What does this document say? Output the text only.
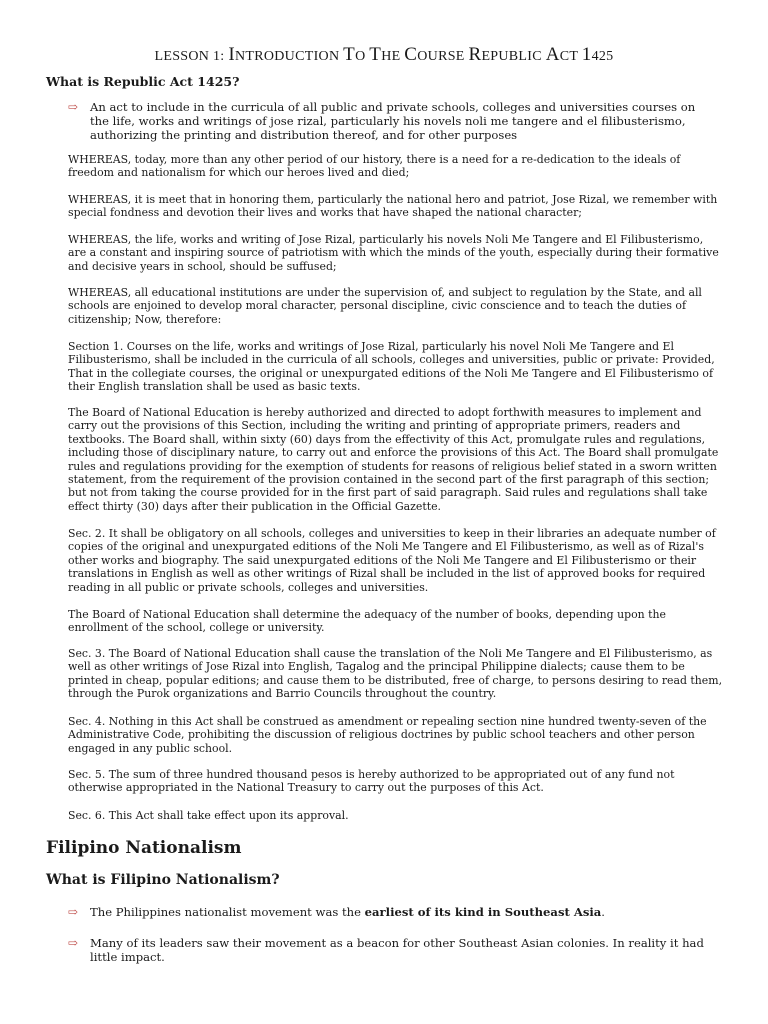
LESSON 1: INTRODUCTION TO THE COURSE REPUBLIC ACT 1425
What is Republic Act 1425?
⇨ An act to include in the curricula of all public and private schools, colleges and universities courses on the life, works and writings of jose rizal, particularly his novels noli me tangere and el filibusterismo, authorizing the printing and distribution thereof, and for other purposes
WHEREAS, today, more than any other period of our history, there is a need for a re-dedication to the ideals of freedom and nationalism for which our heroes lived and died;
WHEREAS, it is meet that in honoring them, particularly the national hero and patriot, Jose Rizal, we remember with special fondness and devotion their lives and works that have shaped the national character;
WHEREAS, the life, works and writing of Jose Rizal, particularly his novels Noli Me Tangere and El Filibusterismo, are a constant and inspiring source of patriotism with which the minds of the youth, especially during their formative and decisive years in school, should be suffused;
WHEREAS, all educational institutions are under the supervision of, and subject to regulation by the State, and all schools are enjoined to develop moral character, personal discipline, civic conscience and to teach the duties of citizenship; Now, therefore:
Section 1. Courses on the life, works and writings of Jose Rizal, particularly his novel Noli Me Tangere and El Filibusterismo, shall be included in the curricula of all schools, colleges and universities, public or private: Provided, That in the collegiate courses, the original or unexpurgated editions of the Noli Me Tangere and El Filibusterismo of their English translation shall be used as basic texts.
The Board of National Education is hereby authorized and directed to adopt forthwith measures to implement and carry out the provisions of this Section, including the writing and printing of appropriate primers, readers and textbooks. The Board shall, within sixty (60) days from the effectivity of this Act, promulgate rules and regulations, including those of disciplinary nature, to carry out and enforce the provisions of this Act. The Board shall promulgate rules and regulations providing for the exemption of students for reasons of religious belief stated in a sworn written statement, from the requirement of the provision contained in the second part of the first paragraph of this section; but not from taking the course provided for in the first part of said paragraph. Said rules and regulations shall take effect thirty (30) days after their publication in the Official Gazette.
Sec. 2. It shall be obligatory on all schools, colleges and universities to keep in their libraries an adequate number of copies of the original and unexpurgated editions of the Noli Me Tangere and El Filibusterismo, as well as of Rizal's other works and biography. The said unexpurgated editions of the Noli Me Tangere and El Filibusterismo or their translations in English as well as other writings of Rizal shall be included in the list of approved books for required reading in all public or private schools, colleges and universities.
The Board of National Education shall determine the adequacy of the number of books, depending upon the enrollment of the school, college or university.
Sec. 3. The Board of National Education shall cause the translation of the Noli Me Tangere and El Filibusterismo, as well as other writings of Jose Rizal into English, Tagalog and the principal Philippine dialects; cause them to be printed in cheap, popular editions; and cause them to be distributed, free of charge, to persons desiring to read them, through the Purok organizations and Barrio Councils throughout the country.
Sec. 4. Nothing in this Act shall be construed as amendment or repealing section nine hundred twenty-seven of the Administrative Code, prohibiting the discussion of religious doctrines by public school teachers and other person engaged in any public school.
Sec. 5. The sum of three hundred thousand pesos is hereby authorized to be appropriated out of any fund not otherwise appropriated in the National Treasury to carry out the purposes of this Act.
Sec. 6. This Act shall take effect upon its approval.
Filipino Nationalism
What is Filipino Nationalism?
⇨ The Philippines nationalist movement was the earliest of its kind in Southeast Asia.
⇨ Many of its leaders saw their movement as a beacon for other Southeast Asian colonies. In reality it had little impact.
